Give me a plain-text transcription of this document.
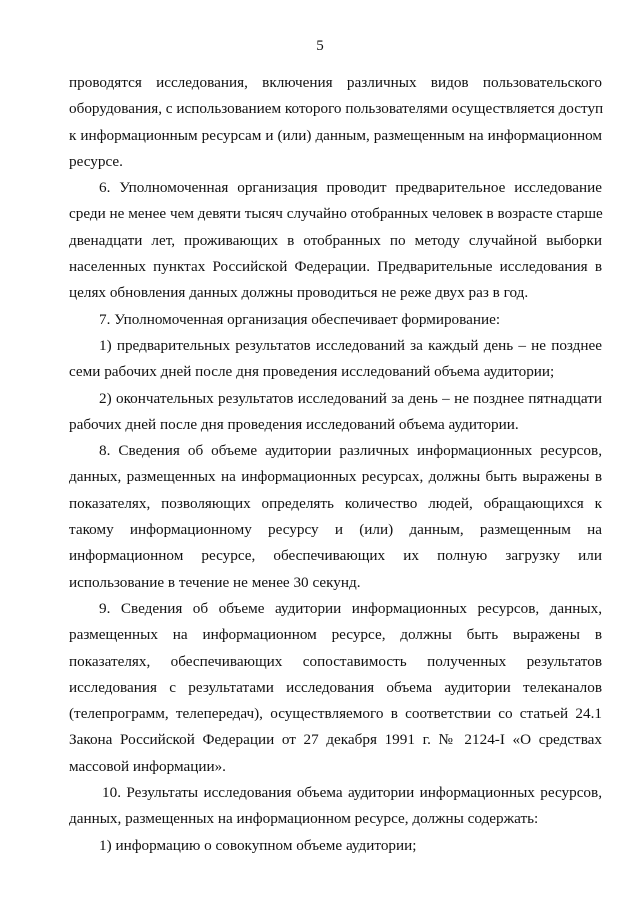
5
проводятся исследования, включения различных видов пользовательского
оборудования, с использованием которого пользователями осуществляется доступ
к информационным ресурсам и (или) данным, размещенным на информационном
ресурсе.
6. Уполномоченная организация проводит предварительное исследование
среди не менее чем девяти тысяч случайно отобранных человек в возрасте старше
двенадцати лет, проживающих в отобранных по методу случайной выборки
населенных пунктах Российской Федерации. Предварительные исследования в
целях обновления данных должны проводиться не реже двух раз в год.
7. Уполномоченная организация обеспечивает формирование:
1) предварительных результатов исследований за каждый день – не позднее
семи рабочих дней после дня проведения исследований объема аудитории;
2) окончательных результатов исследований за день – не позднее пятнадцати
рабочих дней после дня проведения исследований объема аудитории.
8. Сведения об объеме аудитории различных информационных ресурсов,
данных, размещенных на информационных ресурсах, должны быть выражены в
показателях, позволяющих определять количество людей, обращающихся к
такому информационному ресурсу и (или) данным, размещенным на
информационном ресурсе, обеспечивающих их полную загрузку или
использование в течение не менее 30 секунд.
9. Сведения об объеме аудитории информационных ресурсов, данных,
размещенных на информационном ресурсе, должны быть выражены в
показателях, обеспечивающих сопоставимость полученных результатов
исследования с результатами исследования объема аудитории телеканалов
(телепрограмм, телепередач), осуществляемого в соответствии со статьей 24.1
Закона Российской Федерации от 27 декабря 1991 г. № 2124-I «О средствах
массовой информации».
10. Результаты исследования объема аудитории информационных ресурсов,
данных, размещенных на информационном ресурсе, должны содержать:
1) информацию о совокупном объеме аудитории;
